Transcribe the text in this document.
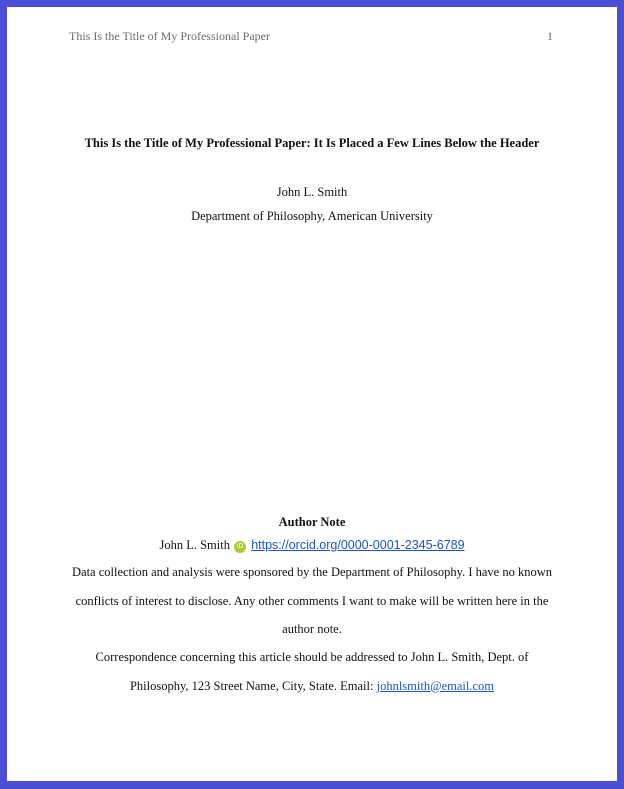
This Is the Title of My Professional Paper	1
This Is the Title of My Professional Paper: It Is Placed a Few Lines Below the Header
John L. Smith
Department of Philosophy, American University
Author Note
John L. Smith iD https://orcid.org/0000-0001-2345-6789
Data collection and analysis were sponsored by the Department of Philosophy. I have no known conflicts of interest to disclose. Any other comments I want to make will be written here in the author note.
Correspondence concerning this article should be addressed to John L. Smith, Dept. of Philosophy, 123 Street Name, City, State. Email: johnlsmith@email.com
